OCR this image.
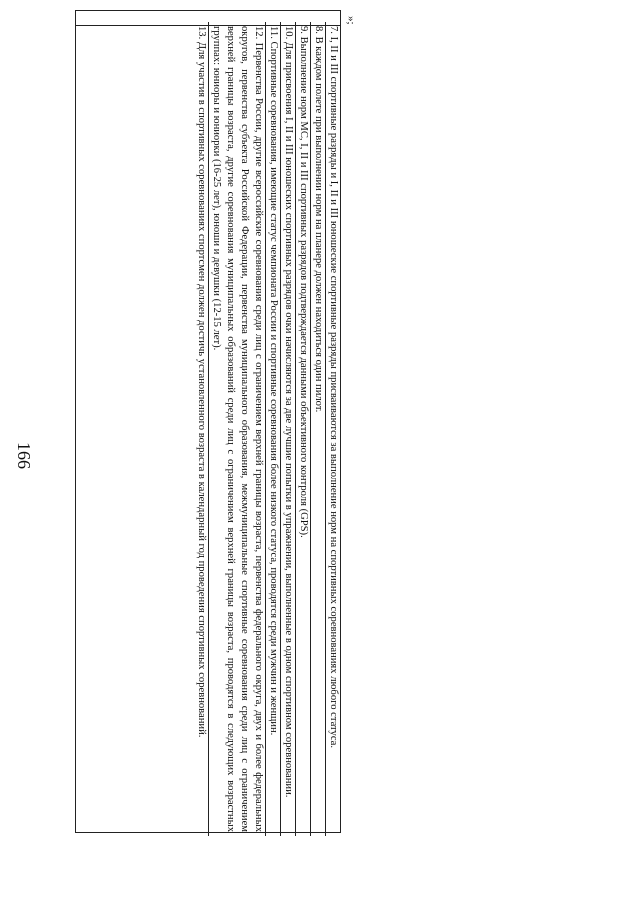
166
»;

7. I, II и III спортивные разряды и I, II и III юношеские спортивные разряды присваиваются за выполнение норм на спортивных соревнованиях любого статуса.

8. В каждом полете при выполнении норм на планере должен находиться один пилот.

9. Выполнение норм МС, I, II и III спортивных разрядов подтверждается данными объективного контроля (GPS).

10. Для присвоения I, II и III юношеских спортивных разрядов очки начисляются за две лучшие попытки в упражнении, выполненные в одном спортивном соревновании.

11. Спортивные соревнования, имеющие статус чемпионата России и спортивные соревнования более низкого статуса, проводятся среди мужчин и женщин.

12. Первенства России, другие всероссийские соревнования среди лиц с ограничением верхней границы возраста, первенства федерального округа, двух и более федеральных округов, первенства субъекта Российской Федерации, первенства муниципального образования, межмуниципальные спортивные соревнования среди лиц с ограничением верхней границы возраста, другие соревнования муниципальных образований среди лиц с ограничением верхней границы возраста, проводятся в следующих возрастных группах: юниоры и юниорки (16-25 лет), юноши и девушки (12-15 лет).

13. Для участия в спортивных соревнованиях спортсмен должен достичь установленного возраста в календарный год проведения спортивных соревнований.
